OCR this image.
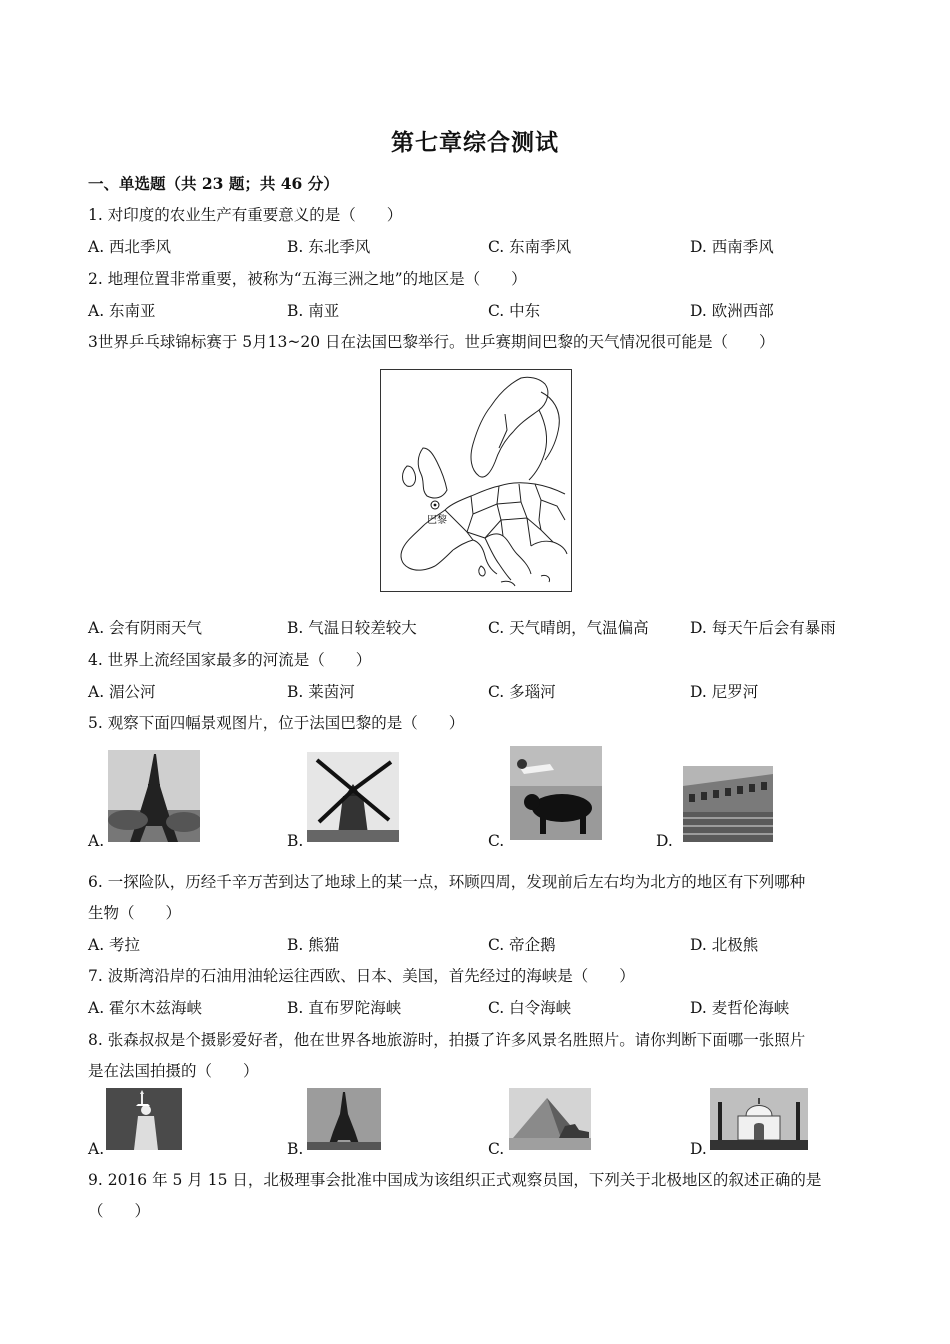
第七章综合测试
一、单选题（共 23 题；共 46 分）
1. 对印度的农业生产有重要意义的是（　　）
A. 西北季风	B. 东北季风	C. 东南季风	D. 西南季风
2. 地理位置非常重要，被称为“五海三洲之地”的地区是（　　）
A. 东南亚	B. 南亚	C. 中东	D. 欧洲西部
3世界乒乓球锦标赛于 5月13~20 日在法国巴黎举行。世乒赛期间巴黎的天气情况很可能是（　　）
巴黎
A. 会有阴雨天气	B. 气温日较差较大	C. 天气晴朗，气温偏高	D. 每天午后会有暴雨
4. 世界上流经国家最多的河流是（　　）
A. 湄公河	B. 莱茵河	C. 多瑙河	D. 尼罗河
5. 观察下面四幅景观图片，位于法国巴黎的是（　　）
A.	B.	C.	D.
6. 一探险队，历经千辛万苦到达了地球上的某一点，环顾四周，发现前后左右均为北方的地区有下列哪种
生物（　　）
A. 考拉	B. 熊猫	C. 帝企鹅	D. 北极熊
7. 波斯湾沿岸的石油用油轮运往西欧、日本、美国，首先经过的海峡是（　　）
A. 霍尔木兹海峡	B. 直布罗陀海峡	C. 白令海峡	D. 麦哲伦海峡
8. 张森叔叔是个摄影爱好者，他在世界各地旅游时，拍摄了许多风景名胜照片。请你判断下面哪一张照片
是在法国拍摄的（　　）
A.	B.	C.	D.
9. 2016 年 5 月 15 日，北极理事会批准中国成为该组织正式观察员国，下列关于北极地区的叙述正确的是
（　　）
